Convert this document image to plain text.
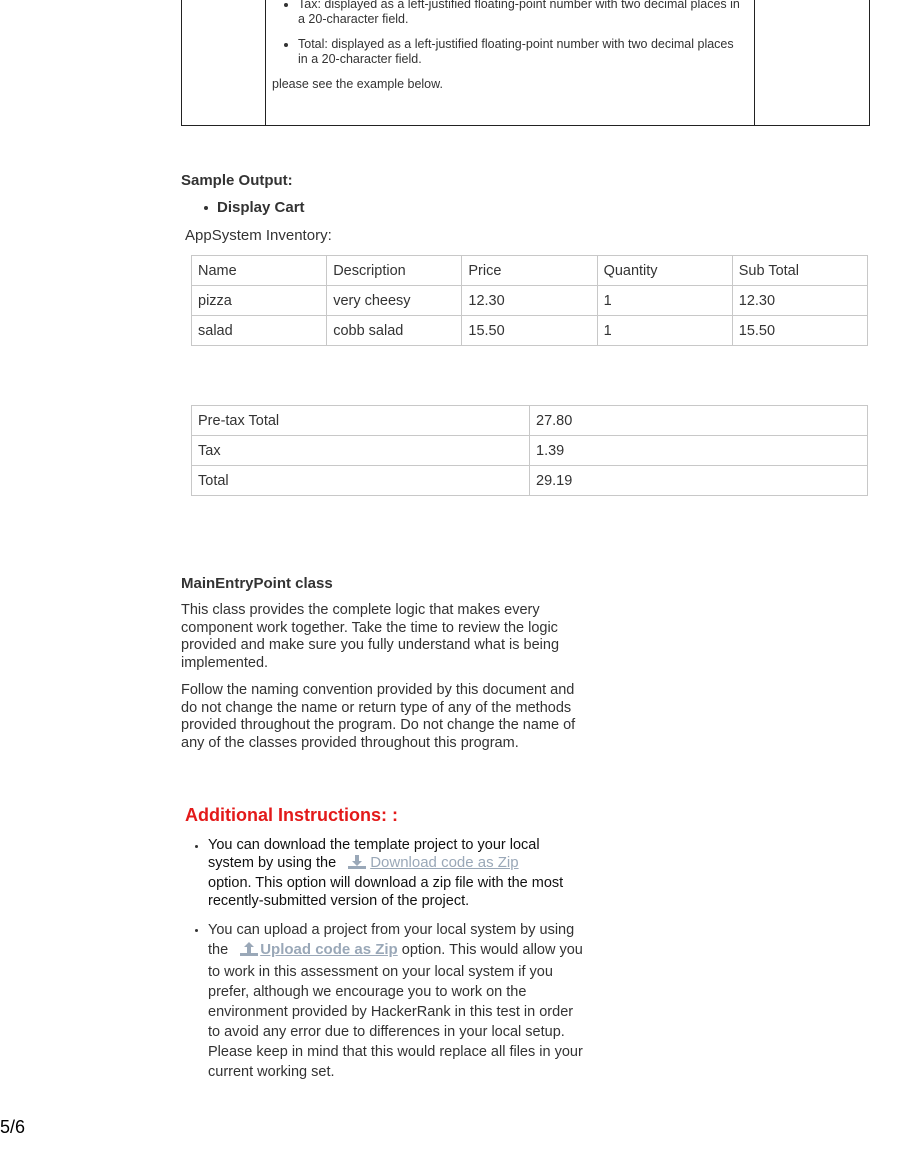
• Tax: displayed as a left-justified floating-point number with two decimal places in a 20-character field.
• Total: displayed as a left-justified floating-point number with two decimal places in a 20-character field.

please see the example below.

Sample Output:
Display Cart
AppSystem Inventory:
Name	Description	Price	Quantity	Sub Total
pizza	very cheesy	12.30	1	12.30
salad	cobb salad	15.50	1	15.50
Pre-tax Total	27.80
Tax	1.39
Total	29.19
MainEntryPoint class
This class provides the complete logic that makes every component work together. Take the time to review the logic provided and make sure you fully understand what is being implemented.
Follow the naming convention provided by this document and do not change the name or return type of any of the methods provided throughout the program. Do not change the name of any of the classes provided throughout this program.
Additional Instructions: :
You can download the template project to your local system by using the Download code as Zip
option. This option will download a zip file with the most recently-submitted version of the project.
You can upload a project from your local system by using the Upload code as Zip option. This would allow you to work in this assessment on your local system if you prefer, although we encourage you to work on the environment provided by HackerRank in this test in order to avoid any error due to differences in your local setup. Please keep in mind that this would replace all files in your current working set.
5/6
